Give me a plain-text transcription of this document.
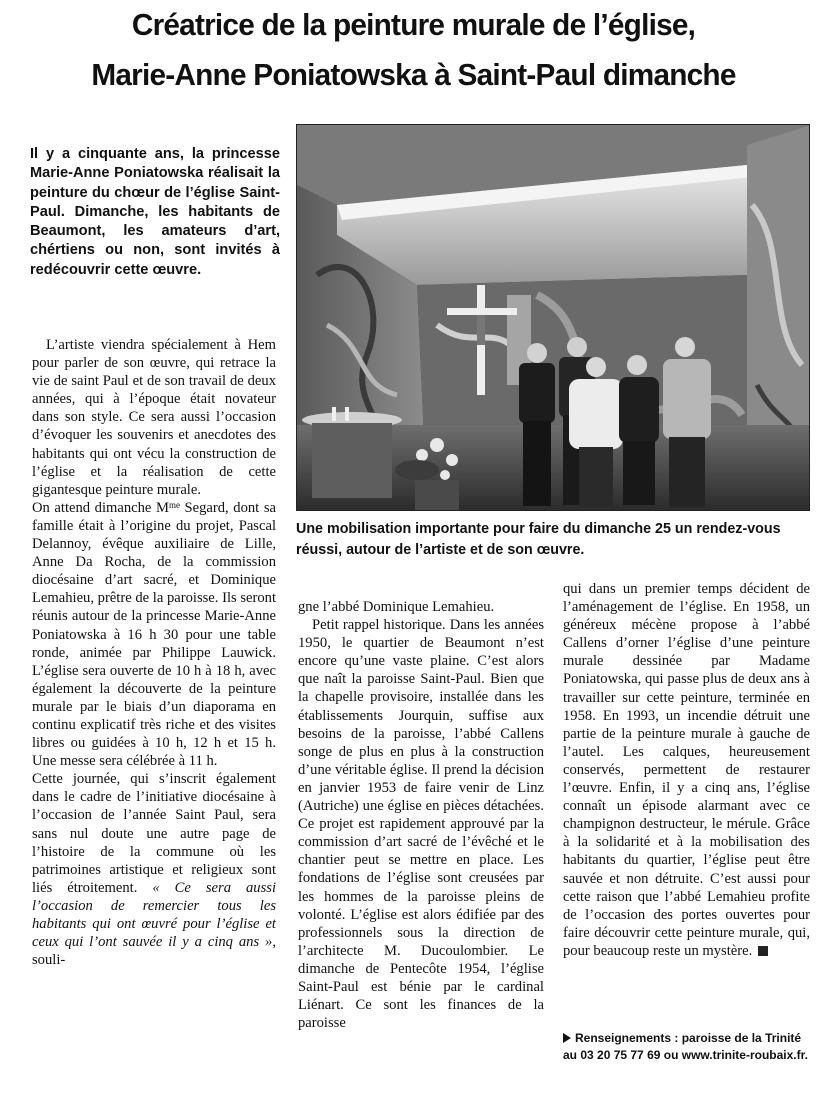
Créatrice de la peinture murale de l’église,
Marie-Anne Poniatowska à Saint-Paul dimanche

Il y a cinquante ans, la princesse Marie-Anne Poniatowska réalisait la peinture du chœur de l’église Saint-Paul. Dimanche, les habitants de Beaumont, les amateurs d’art, chértiens ou non, sont invités à redécouvrir cette œuvre.

L’artiste viendra spécialement à Hem pour parler de son œuvre, qui retrace la vie de saint Paul et de son travail de deux années, qui à l’époque était novateur dans son style. Ce sera aussi l’occasion d’évoquer les souvenirs et anecdotes des habitants qui ont vécu la construction de l’église et la réalisation de cette gigantesque peinture murale.

On attend dimanche $M^{me}$ Segard, dont sa famille était à l’origine du projet, Pascal Delannoy, évêque auxiliaire de Lille, Anne Da Rocha, de la commission diocésaine d’art sacré, et Dominique Lemahieu, prêtre de la paroisse. Ils seront réunis autour de la princesse Marie-Anne Poniatowska à 16 h 30 pour une table ronde, animée par Philippe Lauwick. L’église sera ouverte de 10 h à 18 h, avec également la découverte de la peinture murale par le biais d’un diaporama en continu explicatif très riche et des visites libres ou guidées à 10 h, 12 h et 15 h. Une messe sera célébrée à 11 h.

Cette journée, qui s’inscrit également dans le cadre de l’initiative diocésaine à l’occasion de l’année Saint Paul, sera sans nul doute une autre page de l’histoire de la commune où les patrimoines artistique et religieux sont liés étroitement. « Ce sera aussi l’occasion de remercier tous les habitants qui ont œuvré pour l’église et ceux qui l’ont sauvée il y a cinq ans », souli-

Une mobilisation importante pour faire du dimanche 25 un rendez-vous réussi, autour de l’artiste et de son œuvre.

gne l’abbé Dominique Lemahieu.

Petit rappel historique. Dans les années 1950, le quartier de Beaumont n’est encore qu’une vaste plaine. C’est alors que naît la paroisse Saint-Paul. Bien que la chapelle provisoire, installée dans les établissements Jourquin, suffise aux besoins de la paroisse, l’abbé Callens songe de plus en plus à la construction d’une véritable église. Il prend la décision en janvier 1953 de faire venir de Linz (Autriche) une église en pièces détachées. Ce projet est rapidement approuvé par la commission d’art sacré de l’évêché et le chantier peut se mettre en place. Les fondations de l’église sont creusées par les hommes de la paroisse pleins de volonté. L’église est alors édifiée par des professionnels sous la direction de l’architecte M. Ducoulombier. Le dimanche de Pentecôte 1954, l’église Saint-Paul est bénie par le cardinal Liénart. Ce sont les finances de la paroisse

qui dans un premier temps décident de l’aménagement de l’église. En 1958, un généreux mécène propose à l’abbé Callens d’orner l’église d’une peinture murale dessinée par Madame Poniatowska, qui passe plus de deux ans à travailler sur cette peinture, terminée en 1958. En 1993, un incendie détruit une partie de la peinture murale à gauche de l’autel. Les calques, heureusement conservés, permettent de restaurer l’œuvre. Enfin, il y a cinq ans, l’église connaît un épisode alarmant avec ce champignon destructeur, le mérule. Grâce à la solidarité et à la mobilisation des habitants du quartier, l’église peut être sauvée et non détruite. C’est aussi pour cette raison que l’abbé Lemahieu profite de l’occasion des portes ouvertes pour faire découvrir cette peinture murale, qui, pour beaucoup reste un mystère.

Renseignements : paroisse de la Trinité au 03 20 75 77 69 ou www.trinite-roubaix.fr.
